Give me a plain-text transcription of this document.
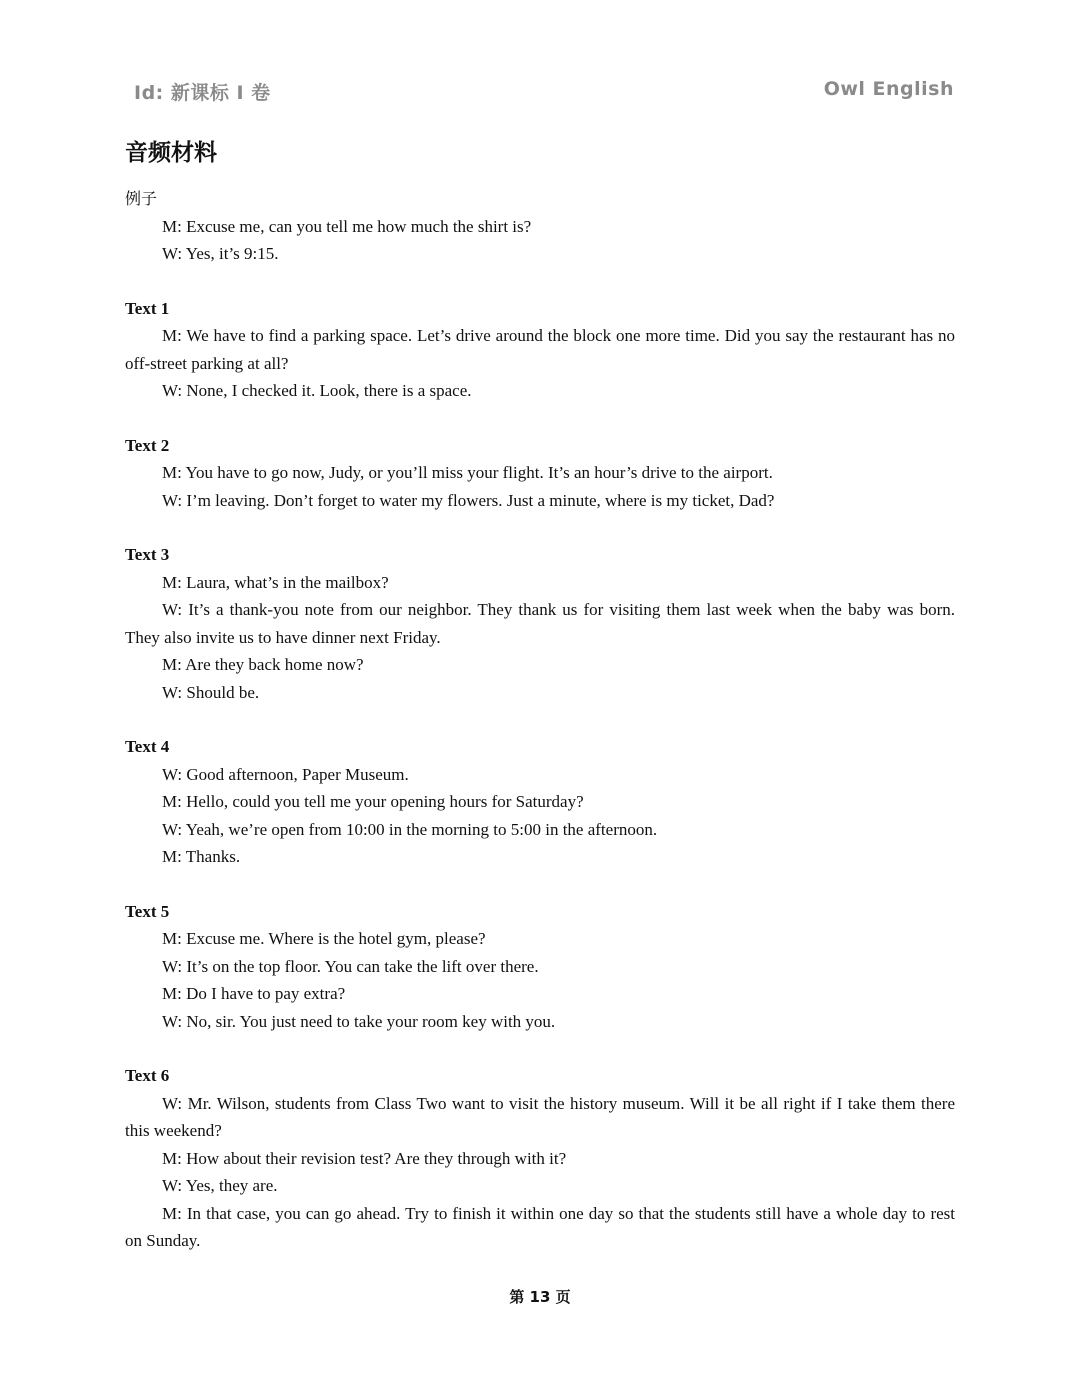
Id: 新课标 I 卷	Owl English
音频材料

例子

M: Excuse me, can you tell me how much the shirt is?

W: Yes, it’s 9:15.

Text 1

M: We have to find a parking space. Let’s drive around the block one more time. Did you say the restaurant has no off-street parking at all?

W: None, I checked it. Look, there is a space.

Text 2

M: You have to go now, Judy, or you’ll miss your flight. It’s an hour’s drive to the airport.

W: I’m leaving. Don’t forget to water my flowers. Just a minute, where is my ticket, Dad?

Text 3

M: Laura, what’s in the mailbox?

W: It’s a thank-you note from our neighbor. They thank us for visiting them last week when the baby was born. They also invite us to have dinner next Friday.

M: Are they back home now?

W: Should be.

Text 4

W: Good afternoon, Paper Museum.

M: Hello, could you tell me your opening hours for Saturday?

W: Yeah, we’re open from 10:00 in the morning to 5:00 in the afternoon.

M: Thanks.

Text 5

M: Excuse me. Where is the hotel gym, please?

W: It’s on the top floor. You can take the lift over there.

M: Do I have to pay extra?

W: No, sir. You just need to take your room key with you.

Text 6

W: Mr. Wilson, students from Class Two want to visit the history museum. Will it be all right if I take them there this weekend?

M: How about their revision test? Are they through with it?

W: Yes, they are.

M: In that case, you can go ahead. Try to finish it within one day so that the students still have a whole day to rest on Sunday.

第 13 页
